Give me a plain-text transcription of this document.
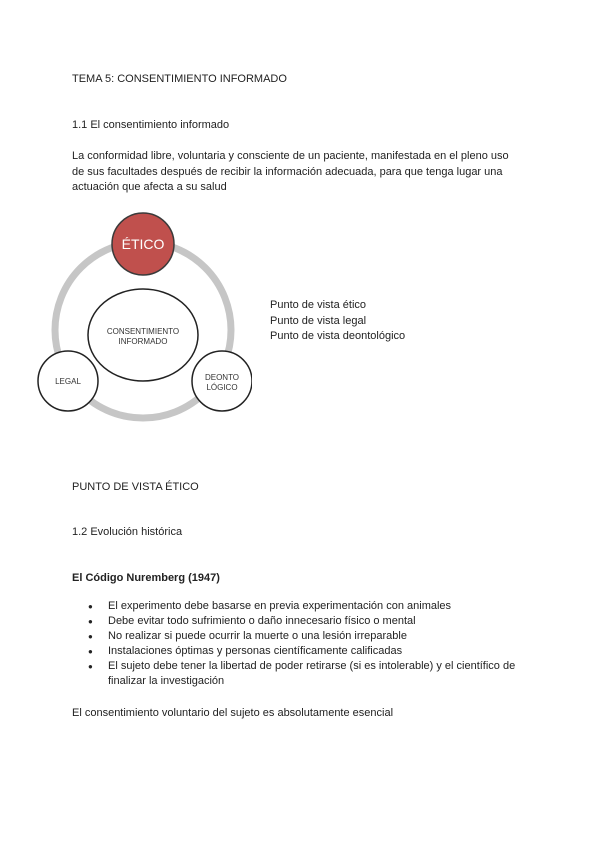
TEMA 5: CONSENTIMIENTO INFORMADO
1.1 El consentimiento informado
La conformidad libre, voluntaria y consciente de un paciente, manifestada en el pleno uso
de sus facultades después de recibir la información adecuada, para que tenga lugar una
actuación que afecta a su salud
CONSENTIMIENTO
INFORMADO
ÉTICO
LEGAL	DEONTO
LÓGICO
Punto de vista ético
Punto de vista legal
Punto de vista deontológico
PUNTO DE VISTA ÉTICO
1.2 Evolución histórica
El Código Nuremberg (1947)
● El experimento debe basarse en previa experimentación con animales
● Debe evitar todo sufrimiento o daño innecesario físico o mental
● No realizar si puede ocurrir la muerte o una lesión irreparable
● Instalaciones óptimas y personas científicamente calificadas
● El sujeto debe tener la libertad de poder retirarse (si es intolerable) y el científico de
finalizar la investigación
El consentimiento voluntario del sujeto es absolutamente esencial
